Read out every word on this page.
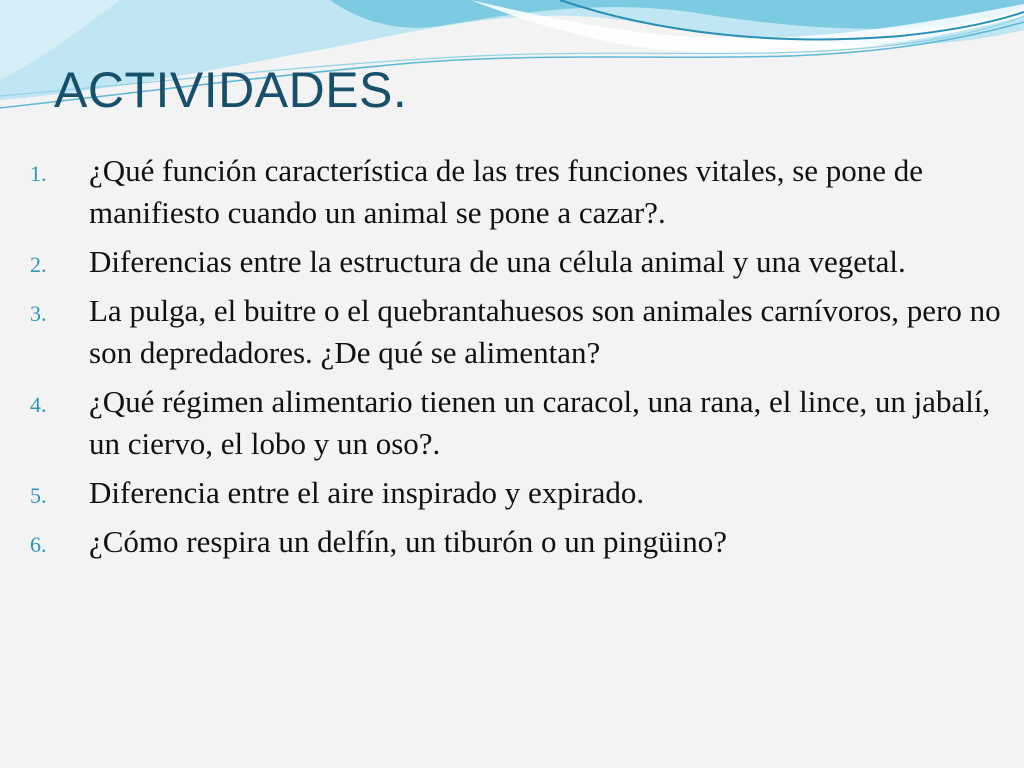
ACTIVIDADES.
1. ¿Qué función característica de las tres funciones vitales, se pone de manifiesto cuando un animal se pone a cazar?.
2. Diferencias entre la estructura de una célula animal y una vegetal.
3. La pulga, el buitre o el quebrantahuesos son animales carnívoros, pero no son depredadores. ¿De qué se alimentan?
4. ¿Qué régimen alimentario tienen un caracol, una rana, el lince, un jabalí, un ciervo, el lobo y un oso?.
5. Diferencia entre el aire inspirado y expirado.
6. ¿Cómo respira un delfín, un tiburón o un pingüino?
